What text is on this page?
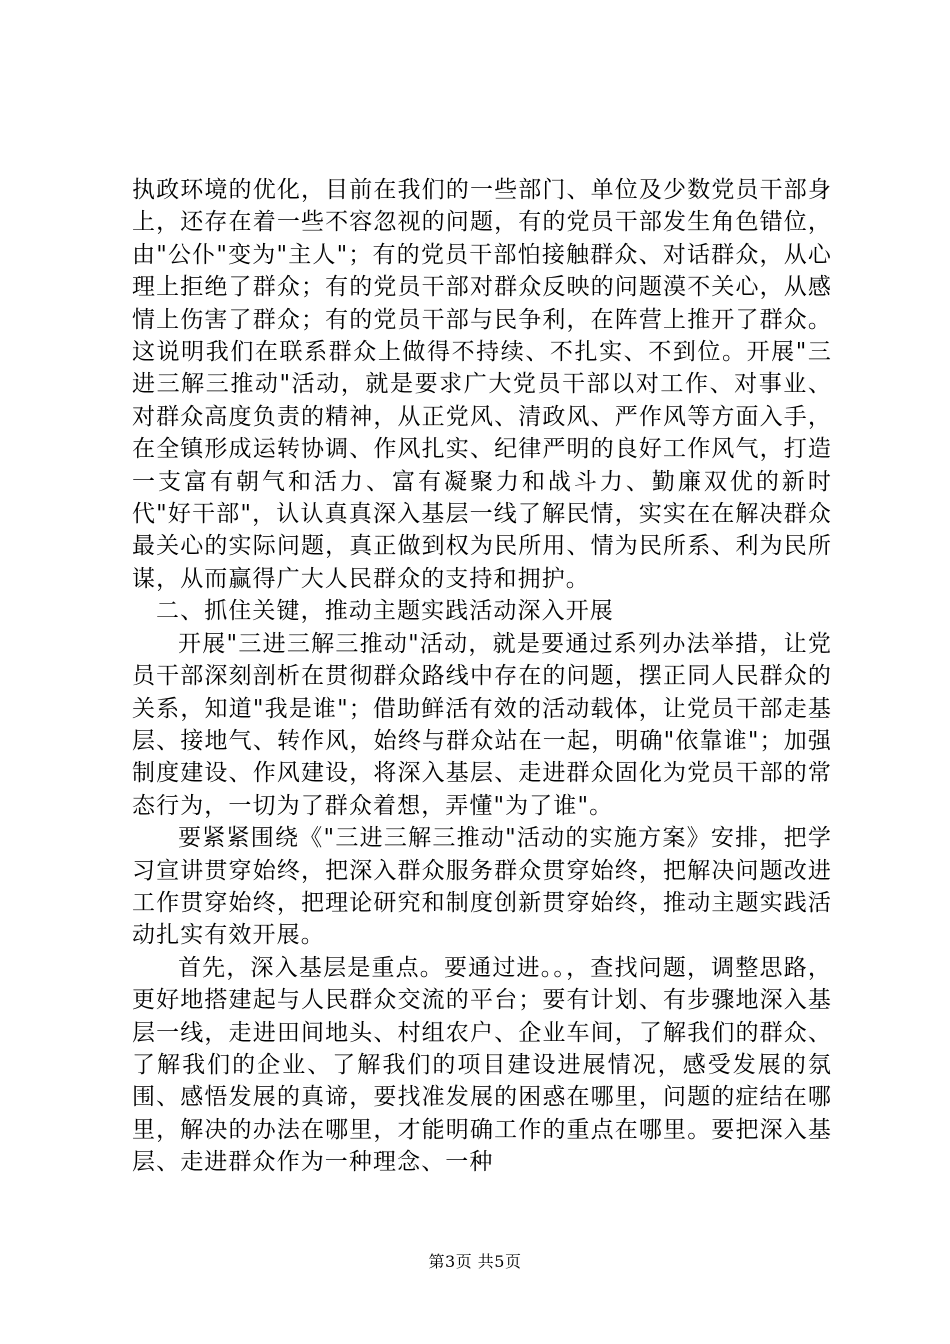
执政环境的优化，目前在我们的一些部门、单位及少数党员干部身上，还存在着一些不容忽视的问题，有的党员干部发生角色错位，由"公仆"变为"主人"；有的党员干部怕接触群众、对话群众，从心理上拒绝了群众；有的党员干部对群众反映的问题漠不关心，从感情上伤害了群众；有的党员干部与民争利，在阵营上推开了群众。这说明我们在联系群众上做得不持续、不扎实、不到位。开展"三进三解三推动"活动，就是要求广大党员干部以对工作、对事业、对群众高度负责的精神，从正党风、清政风、严作风等方面入手，在全镇形成运转协调、作风扎实、纪律严明的良好工作风气，打造一支富有朝气和活力、富有凝聚力和战斗力、勤廉双优的新时代"好干部"，认认真真深入基层一线了解民情，实实在在解决群众最关心的实际问题，真正做到权为民所用、情为民所系、利为民所谋，从而赢得广大人民群众的支持和拥护。

二、抓住关键，推动主题实践活动深入开展

开展"三进三解三推动"活动，就是要通过系列办法举措，让党员干部深刻剖析在贯彻群众路线中存在的问题，摆正同人民群众的关系，知道"我是谁"；借助鲜活有效的活动载体，让党员干部走基层、接地气、转作风，始终与群众站在一起，明确"依靠谁"；加强制度建设、作风建设，将深入基层、走进群众固化为党员干部的常态行为，一切为了群众着想，弄懂"为了谁"。

要紧紧围绕《"三进三解三推动"活动的实施方案》安排，把学习宣讲贯穿始终，把深入群众服务群众贯穿始终，把解决问题改进工作贯穿始终，把理论研究和制度创新贯穿始终，推动主题实践活动扎实有效开展。

首先，深入基层是重点。要通过进。。，查找问题，调整思路，更好地搭建起与人民群众交流的平台；要有计划、有步骤地深入基层一线，走进田间地头、村组农户、企业车间，了解我们的群众、了解我们的企业、了解我们的项目建设进展情况，感受发展的氛围、感悟发展的真谛，要找准发展的困惑在哪里，问题的症结在哪里，解决的办法在哪里，才能明确工作的重点在哪里。要把深入基层、走进群众作为一种理念、一种

第3页 共5页
